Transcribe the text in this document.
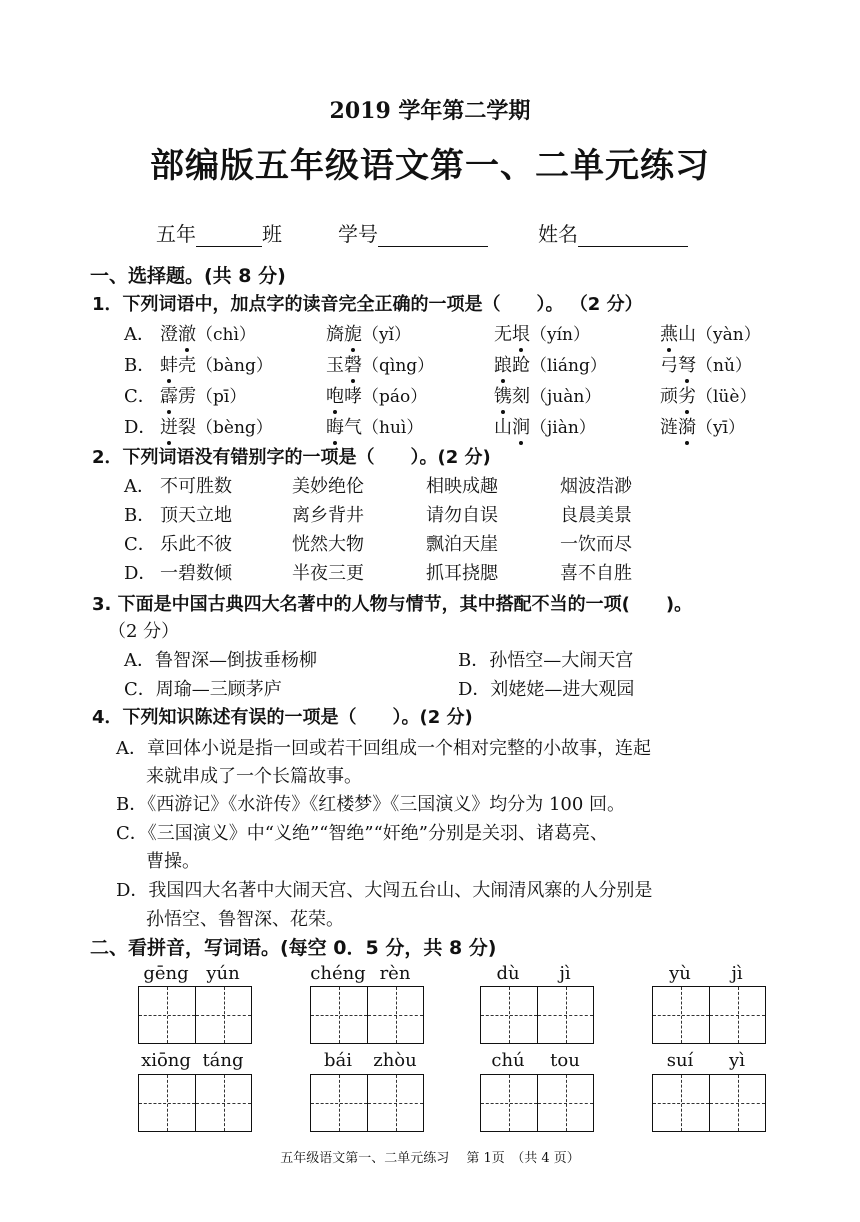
2019 学年第二学期
部编版五年级语文第一、二单元练习
五年	班	学号	姓名
一、选择题。(共 8 分)
1．下列词语中，加点字的读音完全正确的一项是（　　）。 （2 分）
A． 澄澈（chì）	旖旎（yǐ）	无垠（yín）	燕山（yàn）
B． 蚌壳（bàng）	玉磬（qìng）	踉跄（liáng）	弓弩（nǔ）
C． 霹雳（pī）	咆哮（páo）	镌刻（juàn）	顽劣（lüè）
D． 迸裂（bèng）	晦气（huì）	山涧（jiàn）	涟漪（yī）
2．下列词语没有错别字的一项是（　　）。(2 分)
A． 不可胜数	美妙绝伦	相映成趣	烟波浩渺
B． 顶天立地	离乡背井	请勿自误	良晨美景
C． 乐此不彼	恍然大物	飘泊天崖	一饮而尽
D． 一碧数倾	半夜三更	抓耳挠腮	喜不自胜
3. 下面是中国古典四大名著中的人物与情节，其中搭配不当的一项(　　)。
（2 分）
A．鲁智深—倒拔垂杨柳	B．孙悟空—大闹天宫
C．周瑜—三顾茅庐	D．刘姥姥—进大观园
4．下列知识陈述有误的一项是（　　）。(2 分)
A．章回体小说是指一回或若干回组成一个相对完整的小故事，连起
来就串成了一个长篇故事。
B．《西游记》《水浒传》《红楼梦》《三国演义》均分为 100 回。
C．《三国演义》中“义绝”“智绝”“奸绝”分别是关羽、诸葛亮、
曹操。
D．我国四大名著中大闹天宫、大闯五台山、大闹清风寨的人分别是
孙悟空、鲁智深、花荣。
二、看拼音，写词语。(每空 0．5 分，共 8 分)
gēng yún	chéng rèn	dù	jì	yù	jì
xiōng táng	bái	zhòu	chú	tou	suí	yì
五年级语文第一、二单元练习　 第 1页　（共 4 页）
